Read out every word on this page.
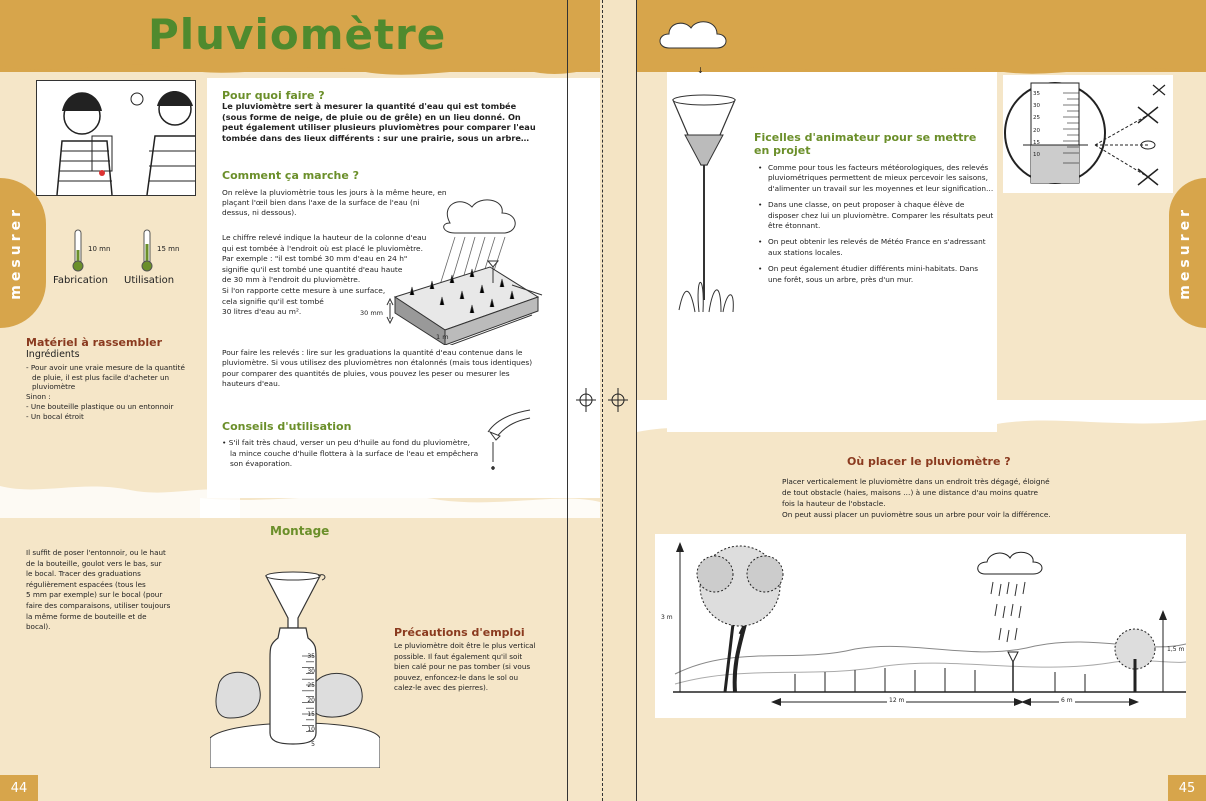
Pluviomètre
10 mn	15 mn
Fabrication Utilisation
mesurer
Pour quoi faire ?
Le pluviomètre sert à mesurer la quantité d'eau qui est tombée
(sous forme de neige, de pluie ou de grêle) en un lieu donné. On
peut également utiliser plusieurs pluviomètres pour comparer l'eau
tombée dans des lieux différents : sur une prairie, sous un arbre…
Comment ça marche ?
On relève la pluviomètrie tous les jours à la même heure, en
plaçant l'œil bien dans l'axe de la surface de l'eau (ni
dessus, ni dessous).
Le chiffre relevé indique la hauteur de la colonne d'eau
qui est tombée à l'endroit où est placé le pluviomètre.
Par exemple : "il est tombé 30 mm d'eau en 24 h"
signifie qu'il est tombé une quantité d'eau haute
de 30 mm à l'endroit du pluviomètre.
Si l'on rapporte cette mesure à une surface,
cela signifie qu'il est tombé
30 litres d'eau au m².	30 mm
1 m
Pour faire les relevés : lire sur les graduations la quantité d'eau contenue dans le
pluviomètre. Si vous utilisez des pluviomètres non étalonnés (mais tous identiques)
pour comparer des quantités de pluies, vous pouvez les peser ou mesurer les
hauteurs d'eau.
Conseils d'utilisation
• S'il fait très chaud, verser un peu d'huile au fond du pluviomètre,
la mince couche d'huile flottera à la surface de l'eau et empêchera
son évaporation.
Matériel à rassembler
Ingrédients
- Pour avoir une vraie mesure de la quantité
de pluie, il est plus facile d'acheter un
pluviomètre
Sinon :
- Une bouteille plastique ou un entonnoir
- Un bocal étroit
Montage
Il suffit de poser l'entonnoir, ou le haut
de la bouteille, goulot vers le bas, sur
le bocal. Tracer des graduations
régulièrement espacées (tous les
5 mm par exemple) sur le bocal (pour
faire des comparaisons, utiliser toujours
la même forme de bouteille et de
bocal).
35
30
25
20
15
10
5
Précautions d'emploi
Le pluviomètre doit être le plus vertical
possible. Il faut également qu'il soit
bien calé pour ne pas tomber (si vous
pouvez, enfoncez-le dans le sol ou
calez-le avec des pierres).
44
↓
Ficelles d'animateur pour se mettre en projet
• Comme pour tous les facteurs météorologiques, des relevés pluviométriques permettent de mieux percevoir les saisons, d'alimenter un travail sur les moyennes et leur signification…
• Dans une classe, on peut proposer à chaque élève de disposer chez lui un pluviomètre. Comparer les résultats peut être étonnant.
• On peut obtenir les relevés de Météo France en s'adressant aux stations locales.
• On peut également étudier différents mini-habitats. Dans une forêt, sous un arbre, près d'un mur.
35
30
25
20
15
10
mesurer
Où placer le pluviomètre ?
Placer verticalement le pluviomètre dans un endroit très dégagé, éloigné
de tout obstacle (haies, maisons …) à une distance d'au moins quatre
fois la hauteur de l'obstacle.
On peut aussi placer un puviomètre sous un arbre pour voir la différence.
3 m
1,5 m
12 m	6 m
45
